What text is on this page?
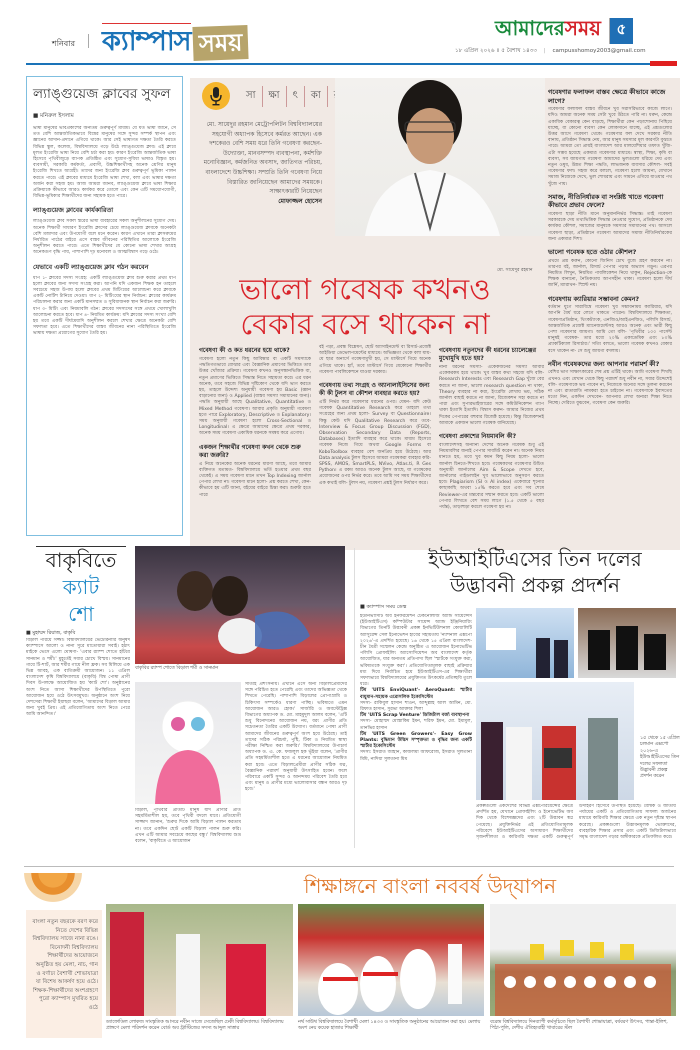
শনিবার ক্যাম্পাস সময়
আমাদের সময়	৫
১৮ এপ্রিল ২০২৬ ॥ ৫ বৈশাখ ১৪৩৩ | campusshomoy2003@gmail.com
ল্যাঙ্গুয়েজ ক্লাবের সুফল
■ মনিরুল ইসলাম

ভাষা মানুষের ভাবপ্রকাশের অন্যতম গুরুত্বপূর্ণ মাধ্যম। যে যত ভাষা জানে, সে তত বেশি আন্তর্জাতিকভাবে বিশ্বের মানুষের সঙ্গে সুন্দর সম্পর্ক স্থাপন এবং জ্ঞানের আদান-প্রদানে এগিয়ে থাকে। আর সেই ভাষাগত দক্ষতা তৈরি করতে বিভিন্ন স্কুল, কলেজ, বিশ্ববিদ্যালয়ে গড়ে উঠে ল্যাঙ্গুয়েজ ক্লাব। এই ক্লাবে মূলত ইংরেজি ভাষা নিয়ে বেশি চর্চা করা হয়। কারণ ইংরেজি আন্তর্জাতিক ভাষা হিসেবে পৃথিবীজুড়ে ব্যাপক প্রতিষ্ঠিত এবং সুযোগ-সুবিধা ভাষাও বিস্তৃত হয়। ব্যবসায়ী, সরকারি কর্মকর্তা, প্রবাসী, উচ্চশিক্ষার্থীসহ অনেক শ্রেণির মানুষ ইংরেজি শিখতে আগ্রহী। তাদের জন্য ইংরেজি ক্লাব গুরুত্বপূর্ণ ভূমিকা পালন করতে পারে। এই ক্লাবের মাধ্যমে ইংরেজি ভাষা শেখা, বলা এবং ভাষার দক্ষতা অর্জন করা সহজ হয়। আজ আমরা জানব, ল্যাঙ্গুয়েজ ক্লাবে ভাষা শিক্ষার প্রক্রিয়াকে কীভাবে আরও কার্যকর করে তোলে এবং কেন এটি সময়োপযোগী, বিভিন্ন-ভূমিকার শিক্ষার্থীদের জন্য সহায়ক হতে পারে।

ল্যাঙ্গুয়েজ ক্লাবের কার্যকারিতা

ল্যাঙ্গুয়েজ ক্লাব সকল স্তরের ভাষা ব্যবহারের সকল অনুশীলনের সুযোগ দেয়। অনেক শিক্ষার্থী সাধারণ ইংরেজি ক্লাসের চেয়ে ল্যাঙ্গুয়েজ ক্লাবকে অনেকটা বেশি মজাদার এবং উপযোগী বলে মনে করেন। কারণ এখানে তারা ক্লাসরুমের নির্ধারিত পাঠের বাইরে এসে বাস্তব জীবনের পরিস্থিতির আলোকে ইংরেজি অনুশীলন করতে পারে। এতে শিক্ষার্থীদের যে কোনো ভাষা শেখার আগ্রহ অনেকগুণ বৃদ্ধি পায়, পাশাপাশি দৃঢ় মনোবল ও আত্মবিশ্বাস গড়ে ওঠে।

যেভাবে একটি ল্যাঙ্গুয়েজ ক্লাব গঠন করবেন

ধাপ ১- ক্লাবের সদস্য সংগ্রহ: একটি ল্যাঙ্গুয়েজ ক্লাব শুরু করার প্রথম ধাপ হলো ক্লাবের জন্য সদস্য সংগ্রহ করা। আপনি যদি একজন শিক্ষক হন তাহলে সবচেয়ে সহজ উপায় হলো ক্লাবের প্রথম মিটিংয়ের আলোচনা করে ক্লাবকে একটি নোটিশ টানিয়ে দেওয়া। ধাপ ২- মিটিংয়ের স্থান নির্বাচন: ক্লাবের কার্যক্রম পরিচালনা করার জন্য একটি মানসম্মত ও সুবিধাজনক স্থান নির্বাচন করা জরুরি। ধাপ ৩- মিটিং এবং নিয়মাবলি গঠন: ক্লাবের সদস্যদের সঙ্গে প্রথমে খোলাখুলি আলোচনা করতে হবে। ধাপ ৪- নিয়মিত কার্যক্রম: যদি ক্লাবের সদস্য সংখ্যা বেশি হয় তবে একটি দীর্ঘমেয়াদি অনুশীলন করলে শেখার ক্ষেত্রে অনেকটা বেশি সফলতা হবে। এতে শিক্ষার্থীদের বাস্তব জীবনের নানা পরিস্থিতিতে ইংরেজি ভাষায় দক্ষতা প্রয়োগের সুযোগ তৈরি হয়।

সা	ক্ষা	ৎ	কা
মো. সায়েদুর রহমান মেট্রোপলিটন বিশ্ববিদ্যালয়ের সহযোগী অধ্যাপক হিসেবে কর্মরত আছেন। এক দশকেরও বেশি সময় ধরে তিনি গবেষণা করছেন- উদ্যোক্তা, মানবসম্পদ ব্যবস্থাপনা, কর্মশক্তি মনোবিজ্ঞান, কর্মজনিত অবসাদ, জাতিগত পরিচয়, বাংলাদেশে উচ্চশিক্ষা। সম্প্রতি তিনি গবেষণা নিয়ে বিস্তারিত জানিয়েছেন আমাদের সময়কে। সাক্ষাৎকারটি নিয়েছেন
মোফাজ্জল হোসেন
মো. সায়েদুর রহমান
ভালো গবেষক কখনও
বেকার বসে থাকেন না
গবেষণা কী ও কত ধরনের হয়ে থাকে?

গবেষণা হলো নতুন কিছু আবিষ্কার বা একটি সমস্যাকে পদ্ধতিগতভাবে বোঝার এবং বৈজ্ঞানিক প্রমাণের ভিত্তিতে তার উত্তর খোঁজার প্রক্রিয়া। গবেষণা কখনও অনুসন্ধানভিত্তিক বা, নতুন প্রমাণের ভিত্তিতে সিদ্ধান্ত নিতে সহায়তা করে। এর ধরন অনেক, তবে সহজে বিভিন্ন দৃষ্টিকোণ থেকে যদি ভাগ করতে হয়, তাহলে উদ্দেশ্য অনুযায়ী গবেষণা হয় Basic (জ্ঞান বাড়ানোর জন্য) ও Applied (বাস্তব সমস্যা সমাধানের জন্য)। পদ্ধতি অনুযায়ী আছে Qualitative, Quantitative ও Mixed Method গবেষণা। আবার প্রকৃতি অনুযায়ী গবেষণা হতে পারে Exploratory, Descriptive ও Explanatory। সময় অনুযায়ী গবেষণা হলো Cross-Sectional ও Longitudinal। এ ক্ষেত্রে আমাদের ক্ষেত্রে প্রথম দরকার, অনেক সময় গবেষণা একাধিক ধরনকে সমন্বয় করে এগোয়।

একজন শিক্ষার্থীর গবেষণা কখন থেকে শুরু করা জরুরি?

এ নিয়ে অনেকের অনেক ধরনের ধারণা আছে, তবে আমার ব্যক্তিগত মতামত- বিশ্ববিদ্যালয়ে ভর্তি হওয়ার প্রথম বছর থেকেই। এ সময় গবেষণা মানে তখন Top Indexing জার্নাল পেপার লেখা না। গবেষণা মানে হলো- প্রশ্ন করতে শেখা, কেন-কীভাবে হয় এটি জানা, বইয়ের বাইরে চিন্তা করা। শুরুটা হতে পারে

বই পড়া, প্রবন্ধ বিশ্লেষণ, ছোট অ্যাসাইনমেন্ট বা রিসার্চ-প্রজেক্ট আইডিয়া ডেভেলপমেন্টের মাধ্যমে। অভিজ্ঞতা থেকে বলা যায়- যে ছাত্র অনার্সে গবেষণামুখী হয়, সে মাস্টার্সে গিয়ে অনেক এগিয়ে থাকে। হ্যাঁ, তবে মাস্টার্সে গিয়ে যেকোনো শিক্ষার্থীর গবেষণা পাবলিকেশনে যাওয়া দরকার।

গবেষণায় তথ্য সংগ্রহ ও অ্যানালাইসিসের জন্য কী কী টুলস বা কৌশল ব্যবহার করতে হয়?

এটি নির্ভর করে গবেষণার ধরনের ওপর। যেমন- যদি কেউ গবেষক Quantitative Research করে তাহলে তথ্য সংগ্রহের জন্য প্রথম হলো- Survey বা Questionnaire। কিন্তু কেউ যদি Qualitative Research করে তবে- Interview & Focus Group Discussion (FGD), Observation Secondary Data (Reports, Databases) ইত্যাদি ব্যবহার করে থাকে। মাধ্যম হিসেবে গবেষক নিজে গিয়ে অথবা Google Forms বা KoboToolbox ব্যবহার বেশ জনপ্রিয় হয়ে উঠেছে। আর Data analysis টুলস হিসেবে আমরা গবেষকরা ব্যবহার করি- SPSS, AMOS, SmartPLS, NVivo, Atlas.ti, R Ges Python। এ রকম আরও অনেক টুলস আছে, যা গবেষকের প্রয়োজনের ওপর নির্ভর করে। তবে আমি সব সময় শিক্ষার্থীদের এক কথাই বলি- টুলস নয়, গবেষণা প্রশ্নই টুলস নির্ধারণ করে।

গবেষণায় নতুনদের কী ধরনের চ্যালেঞ্জের মুখোমুখি হতে হয়?

নানা ধরনের সমস্যা- একেকজনের সমস্যা আবার একেকরকম হয়ে থাকে। খুব বাস্তব কথা সহজে যদি বলি- Research Interests এবং Research Gap খুঁজে বের করতে না জানা, ভালো research question না থাকা, Theory ব্যবহার না করা, ইংরেজি লেখায় ভয়, সঠিক জার্নাল বাছাই করতে না জানা, রিজেকশন সহ্য করতে না পারা এবং সুপারভাইজারের সঙ্গে কমিউনিকেশন গ্যাপ থাকা ইত্যাদি ইত্যাদি। বিশ্বাস করুন- আমার নিজের প্রথম দিকের পেপারের বহুবার রিজেক্ট হয়েছে। কিন্তু রিজেকশনই আমাকে একজন ভালো গবেষক বানিয়েছে।

গবেষণা প্রকাশের নিয়মাবলি কী?

বাংলাদেশসহ অন্যান্য দেশের অনেক গবেষক শুধু এই নিয়মাবলির জন্যই পেপার সাবমিট করেন না। অনেক নিয়ম মানতে হয়, তবে খুব কমন কিছু নিয়ম হলো- ভালো জার্নাল চিনতে-শিখতে হবে। গবেষকদের গবেষণার উচিত অনুযায়ী জার্নালের Aim & Scope দেখতে হবে, জার্নালের গাইডলাইন খুব ভালোভাবে অনুসরণ করতে হবে। Plagiarism (SI ও AI index) একেবারে শূন্যের কাছাকাছি অথবা ১৫% করতে হবে এবং সব শেষে Reviewer-এর মন্তব্যের সম্মান করতে হবে। একটি ভালো পেপার লিখতে বেশ সময় লাগে (১.৫ থেকে ৫ বছর পর্যন্ত), তাড়াহুড়া করলে গবেষণা হয় না।

গবেষণার ফলাফল বাস্তব ক্ষেত্রে কীভাবে কাজে লাগে?

গবেষণার ফলাফল বাস্তব জীবনে খুব সরাসরিভাবে কাজে লাগে। যদিও আমরা অনেক সময় সেটা খুবে উঠতে পারি না। ধরুন, কেন্দ্রে একাধিক বেকারত্ব কেন বাড়ছে, শিক্ষার্থীরা কেন পড়াশোনায় পিছিয়ে যাচ্ছে, বা কোনো ব্যবসা কেন লোকসানে যাচ্ছে, এই প্রশ্নগুলোর উত্তর আসে গবেষণা থেকে। গবেষণার ফল দেখে সরকার নীতি বানায়, প্রতিষ্ঠান সিদ্ধান্ত নেয়, আর মানুষ সমস্যার মূল কারণটা বুঝতে পারে। আমরা তো প্রায়ই বাংলাদেশ আর মালয়েশিয়ার তফাত খুঁজি- এটা সম্ভব হয়েছে একমাত্র গবেষণার মাধ্যমে। স্বাস্থ্য, শিক্ষা, কৃষি বা ব্যবসা, সব জায়গায় গবেষণা আমাদের ভুলগুলো ধরিয়ে দেয় এবং নতুন ওষুধ, উন্নত শিক্ষা পদ্ধতি, লাভজনক ব্যবসার কৌশল- সবই গবেষণার ফল। সহজ করে বললে, গবেষণা হলো আয়না, যেখানে সমাজ নিজেকে দেখে, ভুল শোধরায় এবং সামনে এগিয়ে যাওয়ার পথ খুঁজে পায়।

সমাজ, নীতিনির্ধারক বা সংশ্লিষ্ট খাতে গবেষণা কীভাবে প্রভাব ফেলে?

গবেষণা ছাড়া নীতি মানে অনুমাননির্ভর সিদ্ধান্ত। তাই গবেষণা সরকারকে দেয় তথ্যভিত্তিক সিদ্ধান্ত নেওয়ার সুযোগ, প্রতিষ্ঠানকে দেয় কার্যকর কৌশল, সমাজের মানুষকে সমস্যার সমাধানের পথ। আসলে গবেষণা ছাড়া, প্রতিষ্ঠানে গবেষণা আমাদের সমাজ নীতিনির্ধারকের জন্য একমাত্র দিশা।

ভালো গবেষক হতে ওঠার কৌশল?

প্রথমে প্রশ্ন করুন, কোনো জিনিস চোখ বুজে গ্রহণ করবেন না। তারপর বই, জার্নাল, রিসার্চ পেপার পড়ার অভ্যাস গড়ুন। এরপর নিয়মিত লিখুন, নিয়মিত পাবলিকেশন নিয়ে থাকুন, Rejection-কে শিক্ষক বানানো, নৈতিকতায় আপসহীন থাকা। গবেষণা হলো দীর্ঘ জার্নি, ম্যারাথন- স্প্রিন্ট নয়।

গবেষণায় ক্যারিয়ার সম্ভাবনা কেমন?

বর্তমান যুগে সারাবিশ্বে গবেষণা খুব সম্ভাবনাময় ক্যারিয়ার, যদি আপনি ধৈর্য ধরে লেগে থাকতে পারেন। বিশ্ববিদ্যালয়ে শিক্ষকতা, গবেষণাপ্রতিষ্ঠান, থিংকট্যাংক, এনজিও/আইএনজিও, পলিসি রিসার্চ, আন্তর্জাতিক প্রজেক্ট ম্যানেজমেন্টসহ আরও অনেক এবং ভারী কিছু পেশা গবেষণার জায়গা। আমি তো বলি- 'পৃথিবীর ১০০ পার্সেন্ট মানুষই গবেষক- তার মধ্যে ২০% একাডেমিক এবং ৮০% প্র্যাকটিক্যাল রিসার্চার।' সত্যি বলতে, ভালো গবেষক কখনও বেকার বসে থাকেন না- সে শুধু জায়গা বদলায়।

নবীন গবেষকদের জন্য আপনার পরামর্শ কী?

বেশির ভাগ সাক্ষাৎকারের শেষ প্রশ্ন এটিই থাকে। আমি গবেষণা শিখছি এখনও এবং যেখান থেকে কিছু পরামর্শ শুধু নবীন না, সবার উদ্দেশেই বলি- গবেষণাকে ভয় পাবেন না, নিজেকে অন্যের সঙ্গে তুলনা করবেন না এবং রাতারাতি নামকরা হতে চাইবেন না। গবেষণাকে ইবাদতের মতো নিন, একদিন দেখবেন- আপনার লেখা অন্যরা শিক্ষা নিতে নিচ্ছে। দেরিতে বুঝবেন, গবেষণা কেন জরুরি।

বাকৃবিতে
ক্যাট
শো
■ মুহাম্মদ রিয়াজ, বাকৃবি
বাকৃবির র‍্যাম্প শোতে বিড়াল শর্মী ও সানমান

বিড়াল পরিয়ে সজ্জা। বিশ্ববিদ্যালয়ের ভেটেরিনারি অনুষদ ক্যাম্পাসে আলো ও নানা সুরে মাতোয়ারা সবাই। হঠাৎ মাইকে ভেসে এলো ঘোষণা- 'এবার র‍্যাম্প শোতে হাঁটবে সানমান ও শর্মী।' মুহূর্তেই সবার চোখে বিস্ময়। সানমানের গায়ে টি-শার্ট, আর শর্মীর গায়ে নীল ফ্রক। সব মিলিয়ে এক ভিন্ন আবহ, এক ব্যতিক্রমী আয়োজন। ১১ এপ্রিল বাংলাদেশ কৃষি বিশ্ববিদ্যালয়ে (বাকৃবি) বিশ্ব পোষা প্রাণী দিবস উপলক্ষে আয়োজিত হয় 'ক্যাট শো'। অনুষ্ঠানের অংশ নিতে আসা শিক্ষার্থীদের উপস্থিতিতে পুরো আয়োজন হয়ে ওঠে উৎসবমুখর। অনুষ্ঠানে অংশ নিয়ে দেশসেরা শিক্ষার্থী ইয়াছরা বলেন, 'আমাদের বিড়াল আমার জন্য খুবই প্রিয়। এই প্রতিযোগিতায় অংশ নিতে পেরে আমি আনন্দিত।'

বিড়াল, পৃথিবীর প্রতিটি মানুষ যদি প্রাণীর প্রতি সহমর্মিতাশীল হয়, তবে পৃথিবী বদলে যাবে। প্রতিযোগী সাজ্জাদ জানান, 'শুরুর দিকে আমি বিড়াল পালন করতাম না। তবে একদিন ছোট একটি বিড়াল পালন শুরু করি। এখন এটি আমার সবচেয়ে কাছের বন্ধু।' বিশ্ববিদ্যালয় শুভ্র বলেন, 'বাকৃবিতে এ আয়োজন

সত্যিই প্রশংসনীয়। এখানে এসে অন্য বিড়ালপ্রেমীদের সঙ্গে পরিচিত হতে পেরেছি এবং তাদের অভিজ্ঞতা থেকে শিখতে পেরেছি। পাশাপাশি বিড়ালের প্রোপাগ্রামি ও চিকিৎসা সম্পর্কেও ধারণা পাচ্ছি। ভবিষ্যতে এমন আয়োজন আরও হোক।' সার্জারি ও অবস্টেট্রিক্স বিভাগের অধ্যাপক ড. মো. মাহমুদুল আলম বলেন, 'এটি শুধু বিনোদনের আয়োজন নয়, বরং প্রাণীর প্রতি সচেতনতা তৈরির একটি উদ্যোগ। বর্তমানে পোষা প্রাণী আমাদের জীবনের গুরুত্বপূর্ণ অংশ হয়ে উঠেছে। তাই তাদের সঠিক পরিচর্যা, পুষ্টি, টিকা ও নিয়মিত স্বাস্থ্য পরীক্ষা নিশ্চিত করা জরুরি।' বিশ্ববিদ্যালয়ের উপাচার্য অধ্যাপক ড. এ. কে. ফজলুল হক ভূঁইয়া বলেন, 'প্রাণীর প্রতি সহমর্মিতাশীল হতে এ ধরনের আয়োজন নিয়মিত করা হবে। এতে বিড়ালপ্রেমীরা প্রাণীর সঠিক যত্ন, বৈজ্ঞানিক পরামর্শ অনুযায়ী উৎসাহিত হবেন। ফলে পরিবারে একটি সুন্দর ও আনন্দময় পরিবেশ তৈরি হবে এবং মানুষ ও প্রাণীর মধ্যে ভালোবাসার বন্ধন আরও দৃঢ় হবে।'

ইউআইটিএসের তিন দলের
উদ্ভাবনী প্রকল্প প্রদর্শন
■ ক্যাম্পাস সময় ডেস্ক
ইউনিভার্সিটি অব ইনফরমেশন টেকনোলজি অ্যান্ড সায়েন্সেস (ইউআইটিএস) কম্পিউটার সায়েন্স অ্যান্ড ইঞ্জিনিয়ারিং বিভাগের তিনটি উদ্ভাবনী প্রকল্প ইনভিটিউশনাল কোয়ালিটি অ্যাসুরেন্স সেল ইনোভেশন হাবের সহায়তায় 'ন্যাশনাল এক্সপো ২০২৬'-এ প্রদর্শিত হয়েছে। ১৬ থেকে ১৫ এপ্রিল বাংলাদেশ-চীন মৈত্রী সম্মেলন কেন্দ্রে অনুষ্ঠিত এ আয়োজন ইনোভেটিভ পলিসি প্রোফাইলিং অ্যাসোসিয়েশন অব বাংলাদেশ কর্তৃক আয়োজিত, যার অন্যতম প্রতিপাদ্য ছিল 'স্মার্টকে সংযুক্ত করা, ভবিষ্যতকে সংযুক্ত করা'। প্রতিযোগিতামূলক বাছাই প্রক্রিয়ার মধ্য দিয়ে নির্বাচিত হয়ে ইউআইটিএস-এর শিক্ষার্থীরা সফলভাবে বিশ্ববিদ্যালয়ের প্রযুক্তিগত উৎকর্ষের প্রতিচ্ছবি তুলে ধরে।
টিম 'UITS EnviQuant'- AeroQuant: স্মার্টার বায়ুমান-সহায়ক এরোসলিক ইকোসিস্টেম
সদস্য- রাকিবুল হাসান শাওন, আব্দুল্লাহ আল আমিন, মো. রিফাত হাসান, সুরভা আক্তার শিলা
টিম 'UITS Scrap Venture' ডিজিটাল বর্জ্য ব্যবস্থাপনা
সদস্য- মোহাম্মদ মোস্তাকিম ইমন, শরিফ ইমন, মো. ইমামুল, তানভির হাসান
টিম 'UITS Green Growers'- Easy Grow Plants: বুদ্ধিমান উদ্ভিদ সম্পৃক্ততা ও বৃদ্ধির জন্য একটি স্মার্টার ইকোসিস্টেম
সদস্য: ইসরাত জাহান, কাজলমা আফরোজ, ইসরাত সুলতানা মিমি, নাদিয়া সুলতানা মিম
১৫ থেকে ১৫ এপ্রিল চলমান এক্সপো ২০২৬-এ ইউআইটিএসের তিন দলের সফলতা উদ্ভাবনী প্রকল্প প্রদর্শন করেন

প্রকল্পগুলো একদেশের বিভিন্ন এক্সপেরিয়েন্সের ক্ষেত্রে প্রদর্শিত হয়, যেখানে প্রোফাইলিং ও ইনোভেটিভ অব দিক থেকে বিশেষজ্ঞদের এবং ২টি উদ্ভাবন স্বপ্ন পেয়েছে। প্রযুক্তিনির্ভর এই প্রতিযোগিতামূলক পরিবেশে ইউআইটিএসের অসাধারণ শিক্ষার্থীদের সৃজনশীলতা ও কারিগরি দক্ষতা একটি গুরুত্বপূর্ণ উদাহরণ হিসেবে উপস্থিত হয়েছে। বৈশ্বিক ও জাতীয় পর্যায়ের একটি ও প্রতিযোগিতায় সাফল্য অর্জনের মাধ্যমে কারিগরি শিক্ষার ক্ষেত্রে এক নতুন দৃষ্টান্ত স্থাপন করেছে। প্রকল্পগুলো উদ্ভাবনমূলক ভোক্তাদের, ব্যবহারিক শিক্ষার প্রসার এবং একটি ডিজিটালভাবে সমৃদ্ধ বাংলাদেশ গড়ার অঙ্গীকারকে প্রতিফলিত করে।

শিক্ষাঙ্গনে বাংলা নববর্ষ উদ্‌যাপন
বাংলা নতুন বছরকে বরণ করে নিতে দেশের বিভিন্ন বিশ্ববিদ্যালয় সাজে নানা রঙে। বিনোদনী বিশ্ববিদ্যালয় শিক্ষার্থীদের আয়োজনে অনুষ্ঠিত হয় মেলা, নাচ, গান ও বর্ণাঢ্য বৈশাখী শোভাযাত্রা যা বিশেষ আকর্ষণ হয়ে ওঠে। শিক্ষক-শিক্ষার্থীদের অংশগ্রহণে পুরো ক্যাম্পাস মুখরিত হয়ে ওঠে
ড্যাফোডিল লোকজ সাংস্কৃতিক আসরে নবীন সাজে সেজেছিল ঢেকী বিশ্ববিদ্যালয়। বিশ্ববিদ্যালয় প্রাঙ্গণে মেলা পরিদর্শন করেন বোর্ড অব ট্রাস্টিজের সদস্য আব্দুল সাত্তার
নর্থ সাউথ বিশ্ববিদ্যালয়ে বৈশাখী মেলা ১৪৩৩ ও সাংস্কৃতিক অনুষ্ঠানের আয়োজন করা হয়। মেলায় অংশ নেয় কয়েক হাজার শিক্ষার্থী
বরেন্দ্র বিশ্ববিদ্যালয়ে দিনব্যাপী কর্মসূচিতে ছিল বৈশাখী শোভাযাত্রা, বর্ষবরণ উৎসব, পান্তা-ইলিশ, পিঠা-পুলি, দেশীয় ঐতিহ্যবাহী খাবারের স্টল
